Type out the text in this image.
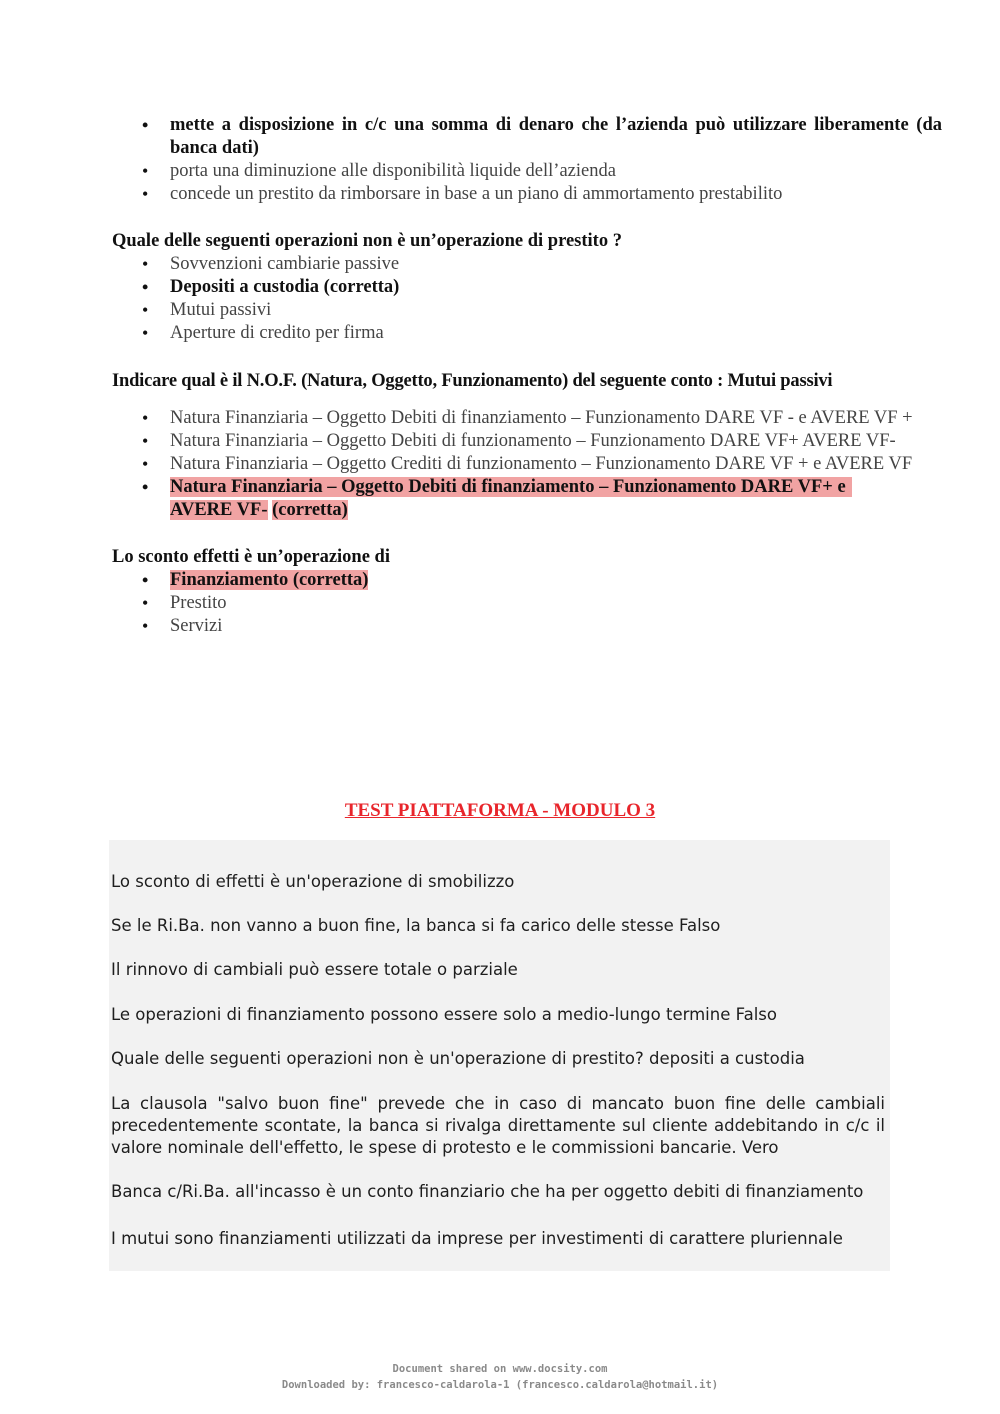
• mette a disposizione in c/c una somma di denaro che l’azienda può utilizzare liberamente (da banca dati)
• porta una diminuzione alle disponibilità liquide dell’azienda
• concede un prestito da rimborsare in base a un piano di ammortamento prestabilito
Quale delle seguenti operazioni non è un’operazione di prestito ?
• Sovvenzioni cambiarie passive
• Depositi a custodia (corretta)
• Mutui passivi
• Aperture di credito per firma
Indicare qual è il N.O.F. (Natura, Oggetto, Funzionamento) del seguente conto : Mutui passivi
• Natura Finanziaria – Oggetto Debiti di finanziamento – Funzionamento DARE VF - e AVERE VF +
• Natura Finanziaria – Oggetto Debiti di funzionamento – Funzionamento DARE VF+ AVERE VF-
• Natura Finanziaria – Oggetto Crediti di funzionamento – Funzionamento DARE VF + e AVERE VF
• Natura Finanziaria – Oggetto Debiti di finanziamento – Funzionamento DARE VF+ e
AVERE VF- (corretta)
Lo sconto effetti è un’operazione di
• Finanziamento (corretta)
• Prestito
• Servizi
TEST PIATTAFORMA - MODULO 3
Lo sconto di effetti è un'operazione di smobilizzo
Se le Ri.Ba. non vanno a buon fine, la banca si fa carico delle stesse Falso
Il rinnovo di cambiali può essere totale o parziale
Le operazioni di finanziamento possono essere solo a medio-lungo termine Falso
Quale delle seguenti operazioni non è un'operazione di prestito? depositi a custodia
La clausola "salvo buon fine" prevede che in caso di mancato buon fine delle cambiali precedentemente scontate, la banca si rivalga direttamente sul cliente addebitando in c/c il valore nominale dell'effetto, le spese di protesto e le commissioni bancarie. Vero
Banca c/Ri.Ba. all'incasso è un conto finanziario che ha per oggetto debiti di finanziamento
I mutui sono finanziamenti utilizzati da imprese per investimenti di carattere pluriennale
Document shared on www.docsity.com
Downloaded by: francesco-caldarola-1 (francesco.caldarola@hotmail.it)
